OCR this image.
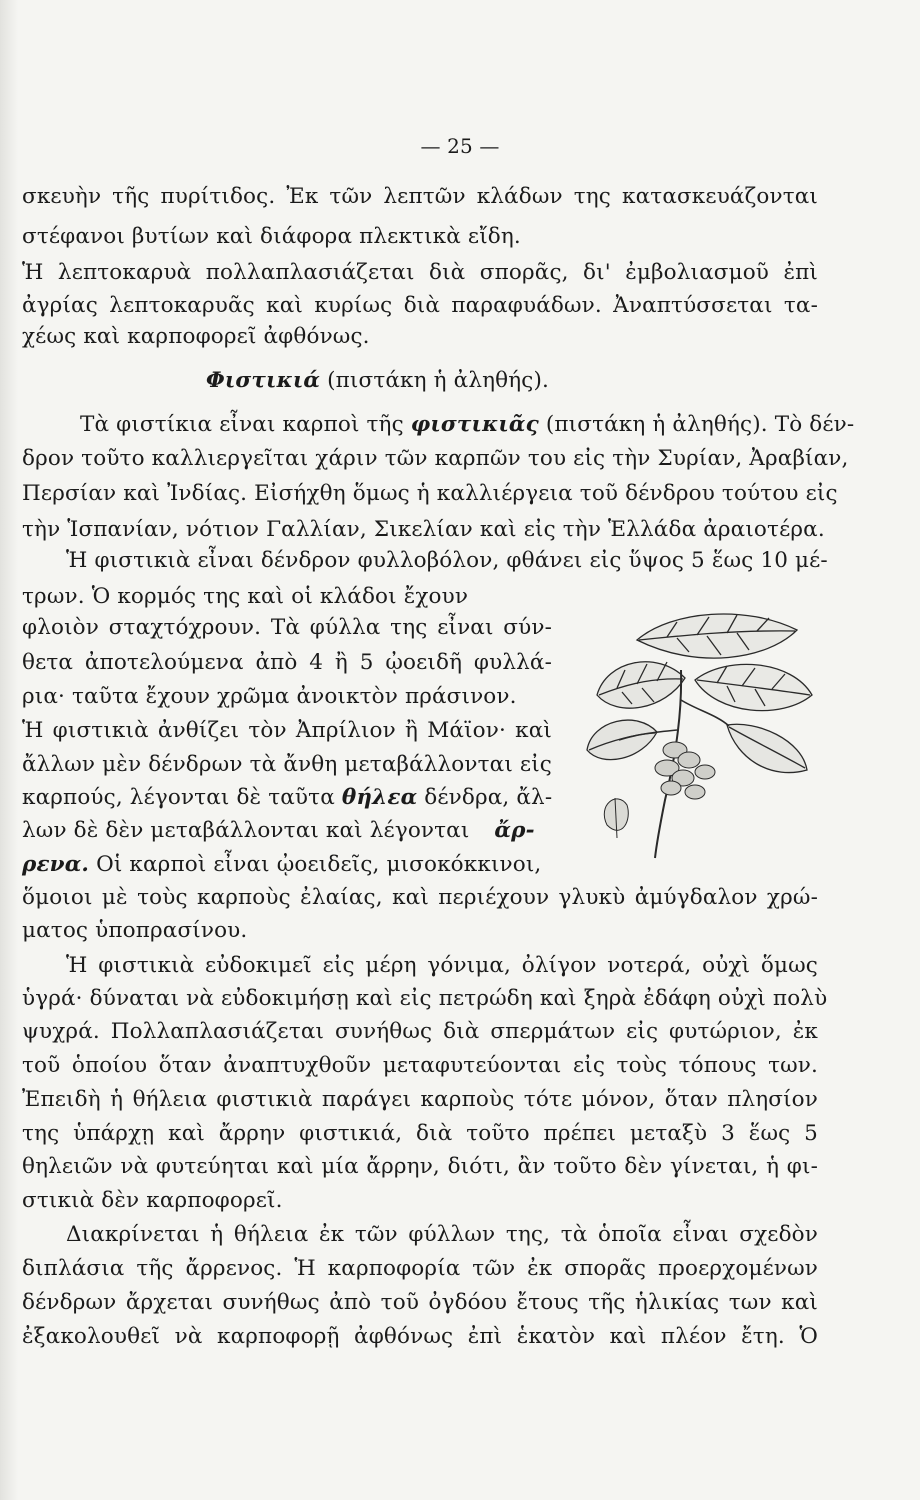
— 25 —
σκευὴν τῆς πυρίτιδος. Ἐκ τῶν λεπτῶν κλάδων της κατασκευάζονται
στέφανοι βυτίων καὶ διάφορα πλεκτικὰ εἴδη.
Ἡ λεπτοκαρυὰ πολλαπλασιάζεται διὰ σπορᾶς, δι' ἐμβολιασμοῦ ἐπὶ
ἀγρίας λεπτοκαρυᾶς καὶ κυρίως διὰ παραφυάδων. Ἀναπτύσσεται τα-
χέως καὶ καρποφορεῖ ἀφθόνως.
Φιστικιά (πιστάκη ἡ ἀληθής).
Τὰ φιστίκια εἶναι καρποὶ τῆς φιστικιᾶς (πιστάκη ἡ ἀληθής). Τὸ δέν-
δρον τοῦτο καλλιεργεῖται χάριν τῶν καρπῶν του εἰς τὴν Συρίαν, Ἀραβίαν,
Περσίαν καὶ Ἰνδίας. Εἰσήχθη ὅμως ἡ καλλιέργεια τοῦ δένδρου τούτου εἰς
τὴν Ἱσπανίαν, νότιον Γαλλίαν, Σικελίαν καὶ εἰς τὴν Ἑλλάδα ἀραιοτέρα.
Ἡ φιστικιὰ εἶναι δένδρον φυλλοβόλον, φθάνει εἰς ὕψος 5 ἕως 10 μέ-
τρων. Ὁ κορμός της καὶ οἱ κλάδοι ἔχουν
φλοιὸν σταχτόχρουν. Τὰ φύλλα της εἶναι σύν-
θετα ἀποτελούμενα ἀπὸ 4 ἢ 5 ᾠοειδῆ φυλλά-
ρια· ταῦτα ἔχουν χρῶμα ἀνοικτὸν πράσινον.
Ἡ φιστικιὰ ἀνθίζει τὸν Ἀπρίλιον ἢ Μάϊον· καὶ
ἄλλων μὲν δένδρων τὰ ἄνθη μεταβάλλονται εἰς
καρπούς, λέγονται δὲ ταῦτα θήλεα δένδρα, ἄλ-
λων δὲ δὲν μεταβάλλονται καὶ λέγονται ἄρ-
ρενα. Οἱ καρποὶ εἶναι ᾠοειδεῖς, μισοκόκκινοι,
ὅμοιοι μὲ τοὺς καρποὺς ἐλαίας, καὶ περιέχουν γλυκὺ ἀμύγδαλον χρώ-
ματος ὑποπρασίνου.
Ἡ φιστικιὰ εὐδοκιμεῖ εἰς μέρη γόνιμα, ὀλίγον νοτερά, οὐχὶ ὅμως
ὑγρά· δύναται νὰ εὐδοκιμήσῃ καὶ εἰς πετρώδη καὶ ξηρὰ ἐδάφη οὐχὶ πολὺ
ψυχρά. Πολλαπλασιάζεται συνήθως διὰ σπερμάτων εἰς φυτώριον, ἐκ
τοῦ ὁποίου ὅταν ἀναπτυχθοῦν μεταφυτεύονται εἰς τοὺς τόπους των.
Ἐπειδὴ ἡ θήλεια φιστικιὰ παράγει καρποὺς τότε μόνον, ὅταν πλησίον
της ὑπάρχῃ καὶ ἄρρην φιστικιά, διὰ τοῦτο πρέπει μεταξὺ 3 ἕως 5
θηλειῶν νὰ φυτεύηται καὶ μία ἄρρην, διότι, ἂν τοῦτο δὲν γίνεται, ἡ φι-
στικιὰ δὲν καρποφορεῖ.
Διακρίνεται ἡ θήλεια ἐκ τῶν φύλλων της, τὰ ὁποῖα εἶναι σχεδὸν
διπλάσια τῆς ἄρρενος. Ἡ καρποφορία τῶν ἐκ σπορᾶς προερχομένων
δένδρων ἄρχεται συνήθως ἀπὸ τοῦ ὀγδόου ἔτους τῆς ἡλικίας των καὶ
ἐξακολουθεῖ νὰ καρποφορῇ ἀφθόνως ἐπὶ ἑκατὸν καὶ πλέον ἔτη. Ὁ
